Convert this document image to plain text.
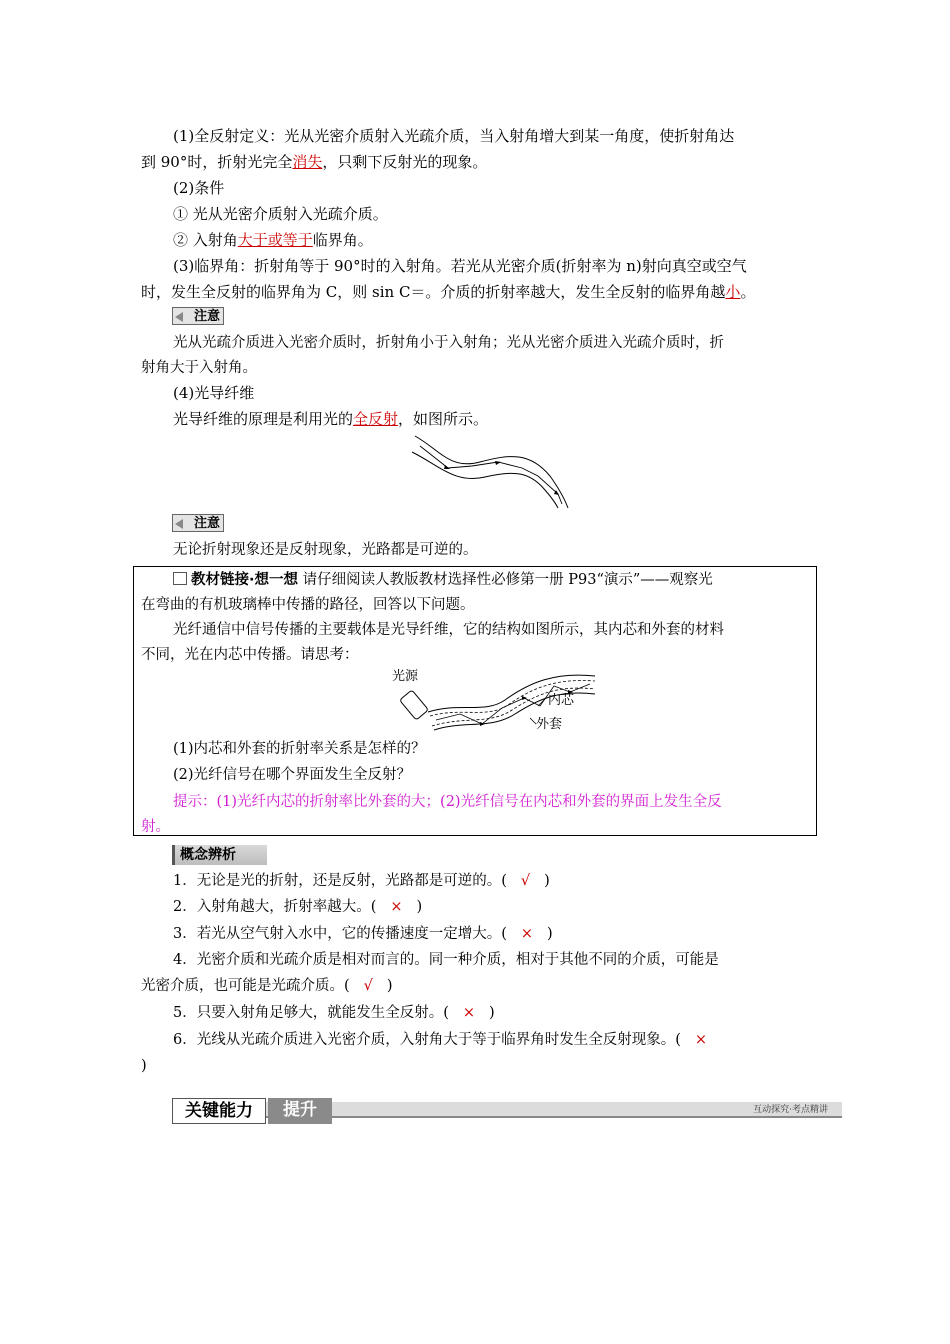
(1)全反射定义：光从光密介质射入光疏介质，当入射角增大到某一角度，使折射角达
到 90°时，折射光完全消失，只剩下反射光的现象。
(2)条件
① 光从光密介质射入光疏介质。
② 入射角大于或等于临界角。
(3)临界角：折射角等于 90°时的入射角。若光从光密介质(折射率为 n)射向真空或空气
时，发生全反射的临界角为 C，则 sin C＝。介质的折射率越大，发生全反射的临界角越小。
注意
光从光疏介质进入光密介质时，折射角小于入射角；光从光密介质进入光疏介质时，折
射角大于入射角。
(4)光导纤维
光导纤维的原理是利用光的全反射，如图所示。
注意
无论折射现象还是反射现象，光路都是可逆的。
教材链接·想一想 请仔细阅读人教版教材选择性必修第一册 P93“演示”——观察光
在弯曲的有机玻璃棒中传播的路径，回答以下问题。
光纤通信中信号传播的主要载体是光导纤维，它的结构如图所示，其内芯和外套的材料
不同，光在内芯中传播。请思考：
光源
内芯
外套
(1)内芯和外套的折射率关系是怎样的？
(2)光纤信号在哪个界面发生全反射？
提示：(1)光纤内芯的折射率比外套的大；(2)光纤信号在内芯和外套的界面上发生全反
射。
概念辨析
1．无论是光的折射，还是反射，光路都是可逆的。( √ )
2．入射角越大，折射率越大。( × )
3．若光从空气射入水中，它的传播速度一定增大。( × )
4．光密介质和光疏介质是相对而言的。同一种介质，相对于其他不同的介质，可能是
光密介质，也可能是光疏介质。( √ )
5．只要入射角足够大，就能发生全反射。( × )
6．光线从光疏介质进入光密介质，入射角大于等于临界角时发生全反射现象。( ×
)
关键能力	提升	互动探究·考点精讲
